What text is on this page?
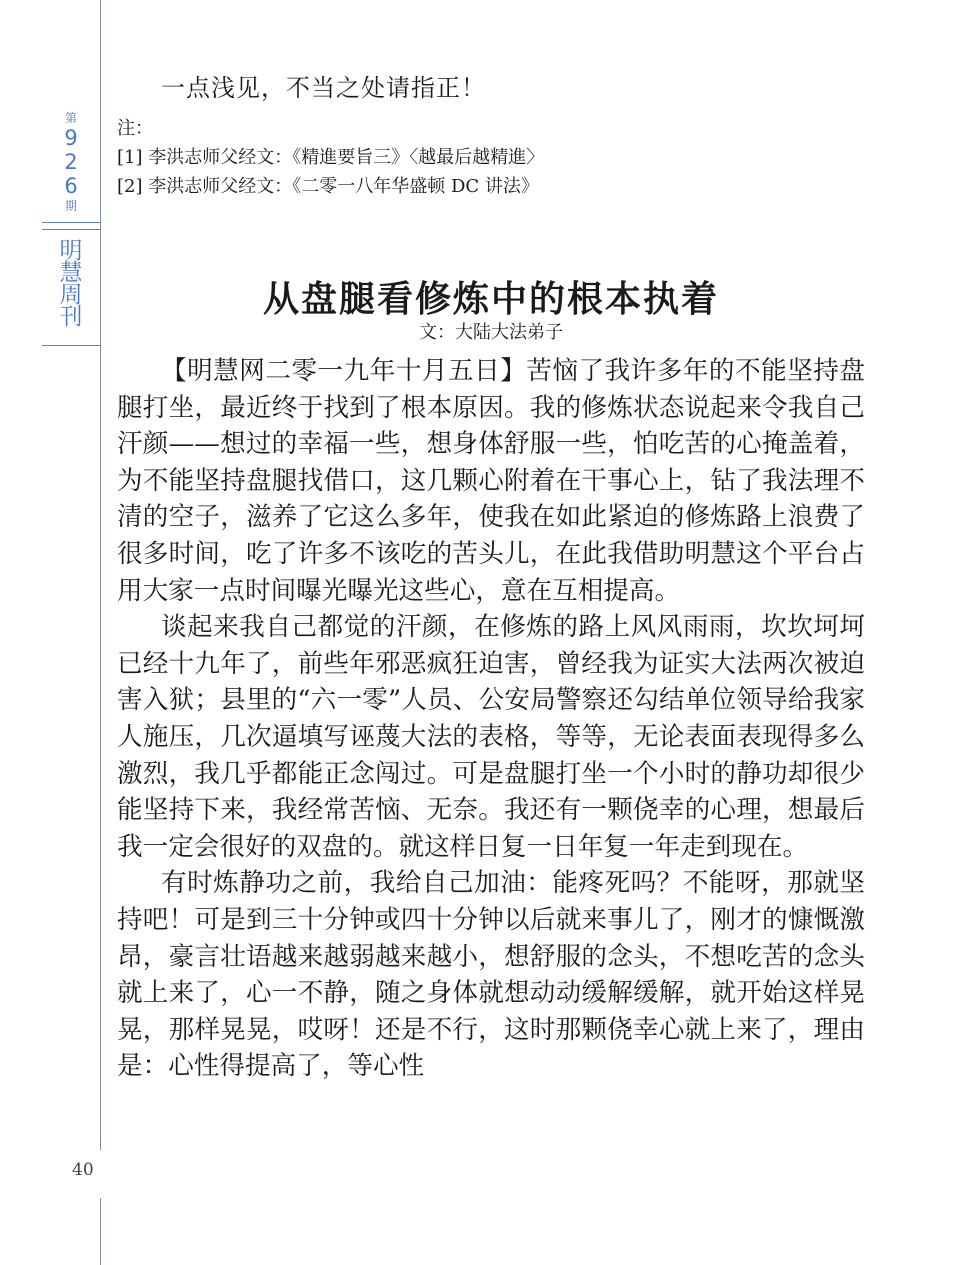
第
9
2
6
期
明
慧
周
刊
40

一点浅见，不当之处请指正！

注：
[1] 李洪志师父经文：《精進要旨三》〈越最后越精進〉
[2] 李洪志师父经文：《二零一八年华盛顿 DC 讲法》
从盘腿看修炼中的根本执着
文：大陆大法弟子

【明慧网二零一九年十月五日】苦恼了我许多年的不能坚持盘腿打坐，最近终于找到了根本原因。我的修炼状态说起来令我自己汗颜——想过的幸福一些，想身体舒服一些，怕吃苦的心掩盖着，为不能坚持盘腿找借口，这几颗心附着在干事心上，钻了我法理不清的空子，滋养了它这么多年，使我在如此紧迫的修炼路上浪费了很多时间，吃了许多不该吃的苦头儿，在此我借助明慧这个平台占用大家一点时间曝光曝光这些心，意在互相提高。

谈起来我自己都觉的汗颜，在修炼的路上风风雨雨，坎坎坷坷已经十九年了，前些年邪恶疯狂迫害，曾经我为证实大法两次被迫害入狱；县里的“六一零”人员、公安局警察还勾结单位领导给我家人施压，几次逼填写诬蔑大法的表格，等等，无论表面表现得多么激烈，我几乎都能正念闯过。可是盘腿打坐一个小时的静功却很少能坚持下来，我经常苦恼、无奈。我还有一颗侥幸的心理，想最后我一定会很好的双盘的。就这样日复一日年复一年走到现在。

有时炼静功之前，我给自己加油：能疼死吗？不能呀，那就坚持吧！可是到三十分钟或四十分钟以后就来事儿了，刚才的慷慨激昂，豪言壮语越来越弱越来越小，想舒服的念头，不想吃苦的念头就上来了，心一不静，随之身体就想动动缓解缓解，就开始这样晃晃，那样晃晃，哎呀！还是不行，这时那颗侥幸心就上来了，理由是：心性得提高了，等心性
